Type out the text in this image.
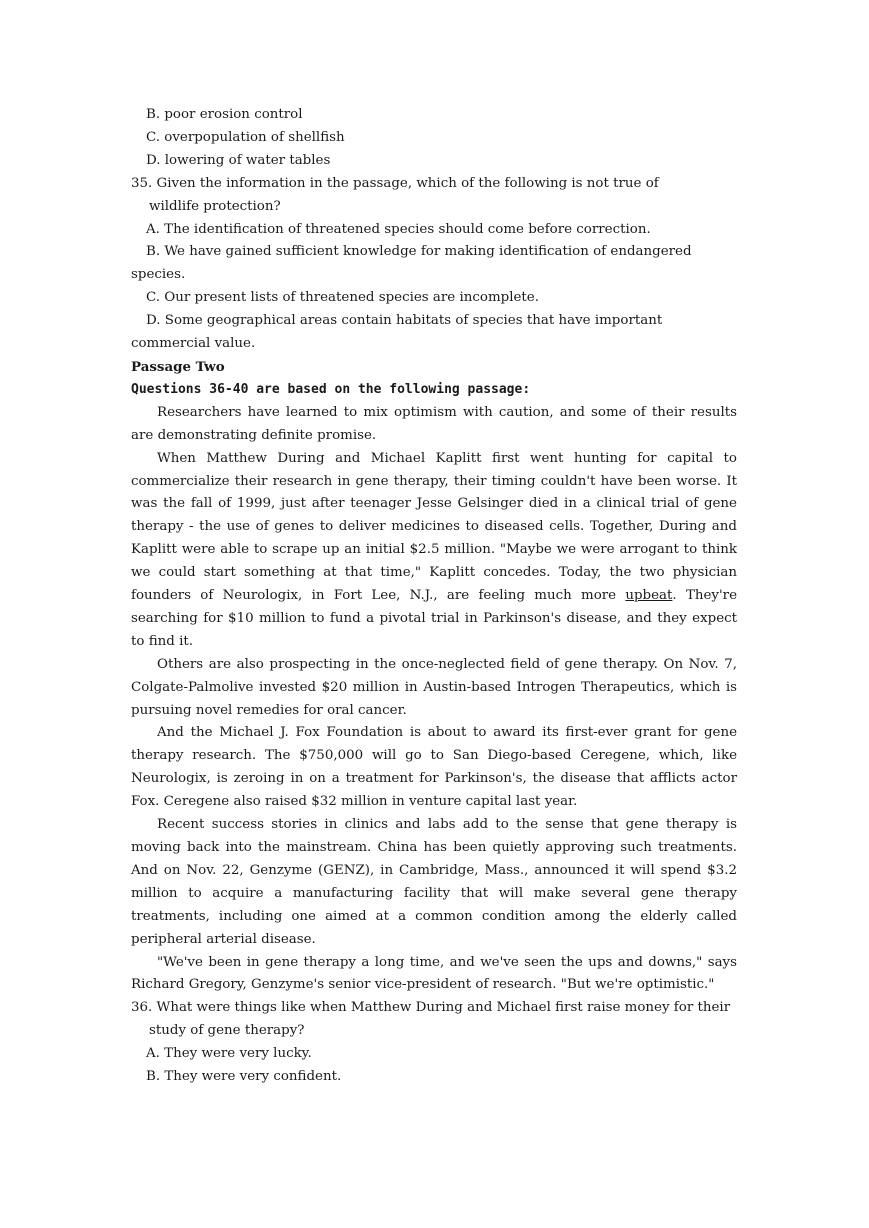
B. poor erosion control
C. overpopulation of shellfish
D. lowering of water tables
35. Given the information in the passage, which of the following is not true of
wildlife protection?
A. The identification of threatened species should come before correction.
B. We have gained sufficient knowledge for making identification of endangered
species.
C. Our present lists of threatened species are incomplete.
D. Some geographical areas contain habitats of species that have important
commercial value.
Passage Two
Questions 36-40 are based on the following passage:
Researchers have learned to mix optimism with caution, and some of their results are demonstrating definite promise.
When Matthew During and Michael Kaplitt first went hunting for capital to commercialize their research in gene therapy, their timing couldn't have been worse. It was the fall of 1999, just after teenager Jesse Gelsinger died in a clinical trial of gene therapy - the use of genes to deliver medicines to diseased cells. Together, During and Kaplitt were able to scrape up an initial $2.5 million. "Maybe we were arrogant to think we could start something at that time," Kaplitt concedes. Today, the two physician founders of Neurologix, in Fort Lee, N.J., are feeling much more upbeat. They're searching for $10 million to fund a pivotal trial in Parkinson's disease, and they expect to find it.
Others are also prospecting in the once-neglected field of gene therapy. On Nov. 7, Colgate-Palmolive invested $20 million in Austin-based Introgen Therapeutics, which is pursuing novel remedies for oral cancer.
And the Michael J. Fox Foundation is about to award its first-ever grant for gene therapy research. The $750,000 will go to San Diego-based Ceregene, which, like Neurologix, is zeroing in on a treatment for Parkinson's, the disease that afflicts actor Fox. Ceregene also raised $32 million in venture capital last year.
Recent success stories in clinics and labs add to the sense that gene therapy is moving back into the mainstream. China has been quietly approving such treatments. And on Nov. 22, Genzyme (GENZ), in Cambridge, Mass., announced it will spend $3.2 million to acquire a manufacturing facility that will make several gene therapy treatments, including one aimed at a common condition among the elderly called peripheral arterial disease.
"We've been in gene therapy a long time, and we've seen the ups and downs," says Richard Gregory, Genzyme's senior vice-president of research. "But we're optimistic."
36. What were things like when Matthew During and Michael first raise money for their
study of gene therapy?
A. They were very lucky.
B. They were very confident.
